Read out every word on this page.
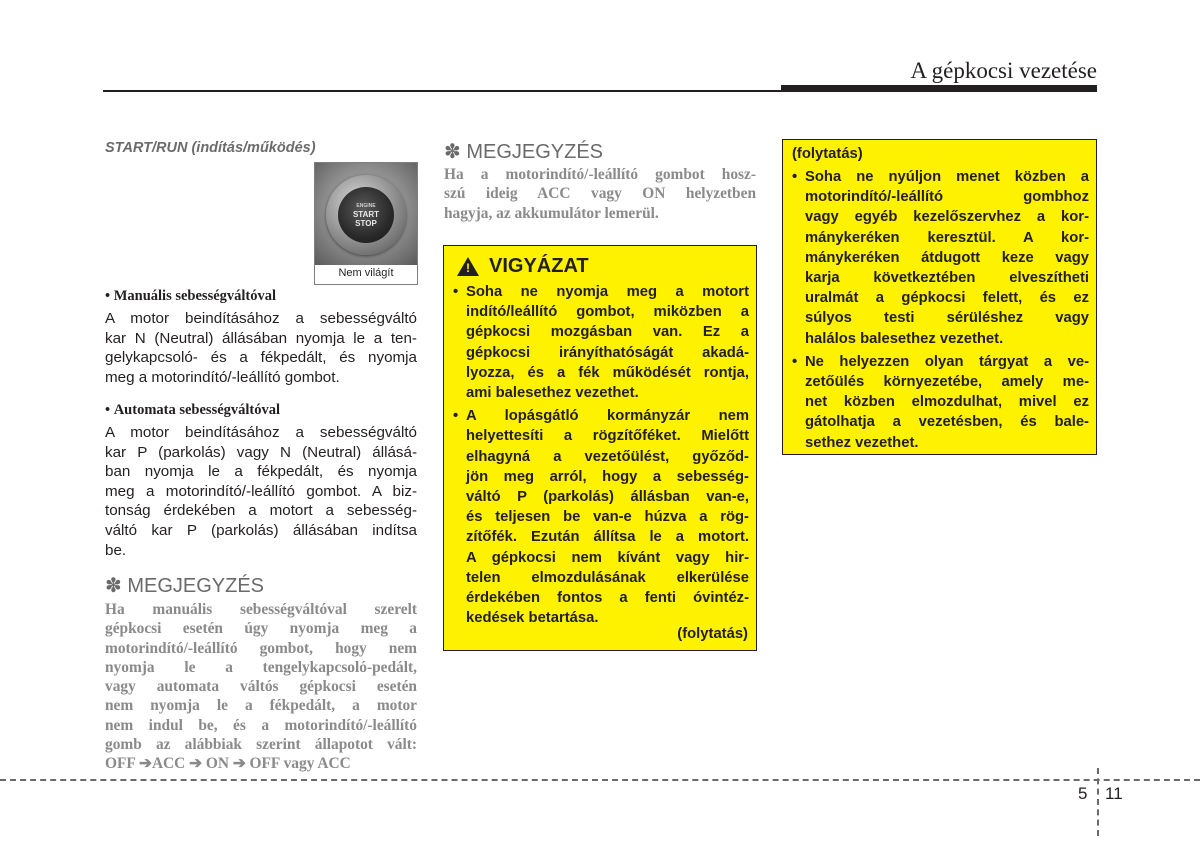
A gépkocsi vezetése
START/RUN (indítás/működés)
ENGINE
START
STOP
Nem világít
• Manuális sebességváltóval
A motor beindításához a sebességváltó
kar N (Neutral) állásában nyomja le a ten-
gelykapcsoló- és a fékpedált, és nyomja
meg a motorindító/-leállító gombot.
• Automata sebességváltóval
A motor beindításához a sebességváltó
kar P (parkolás) vagy N (Neutral) állásá-
ban nyomja le a fékpedált, és nyomja
meg a motorindító/-leállító gombot. A biz-
tonság érdekében a motort a sebesség-
váltó kar P (parkolás) állásában indítsa
be.
✽ MEGJEGYZÉS
Ha manuális sebességváltóval szerelt
gépkocsi esetén úgy nyomja meg a
motorindító/-leállító gombot, hogy nem
nyomja le a tengelykapcsoló-pedált,
vagy automata váltós gépkocsi esetén
nem nyomja le a fékpedált, a motor
nem indul be, és a motorindító/-leállító
gomb az alábbiak szerint állapotot vált:
OFF ➔ACC ➔ ON ➔ OFF vagy ACC
✽ MEGJEGYZÉS
Ha a motorindító/-leállító gombot hosz-
szú ideig ACC vagy ON helyzetben
hagyja, az akkumulátor lemerül.
! VIGYÁZAT
• Soha ne nyomja meg a motort
indító/leállító gombot, miközben a
gépkocsi mozgásban van. Ez a
gépkocsi irányíthatóságát akadá-
lyozza, és a fék működését rontja,
ami balesethez vezethet.
• A lopásgátló kormányzár nem
helyettesíti a rögzítőféket. Mielőtt
elhagyná a vezetőülést, győződ-
jön meg arról, hogy a sebesség-
váltó P (parkolás) állásban van-e,
és teljesen be van-e húzva a rög-
zítőfék. Ezután állítsa le a motort.
A gépkocsi nem kívánt vagy hir-
telen elmozdulásának elkerülése
érdekében fontos a fenti óvintéz-
kedések betartása.
(folytatás)
(folytatás)
• Soha ne nyúljon menet közben a
motorindító/-leállító gombhoz
vagy egyéb kezelőszervhez a kor-
mánykeréken keresztül. A kor-
mánykeréken átdugott keze vagy
karja következtében elveszítheti
uralmát a gépkocsi felett, és ez
súlyos testi sérüléshez vagy
halálos balesethez vezethet.
• Ne helyezzen olyan tárgyat a ve-
zetőülés környezetébe, amely me-
net közben elmozdulhat, mivel ez
gátolhatja a vezetésben, és bale-
sethez vezethet.
5 11
